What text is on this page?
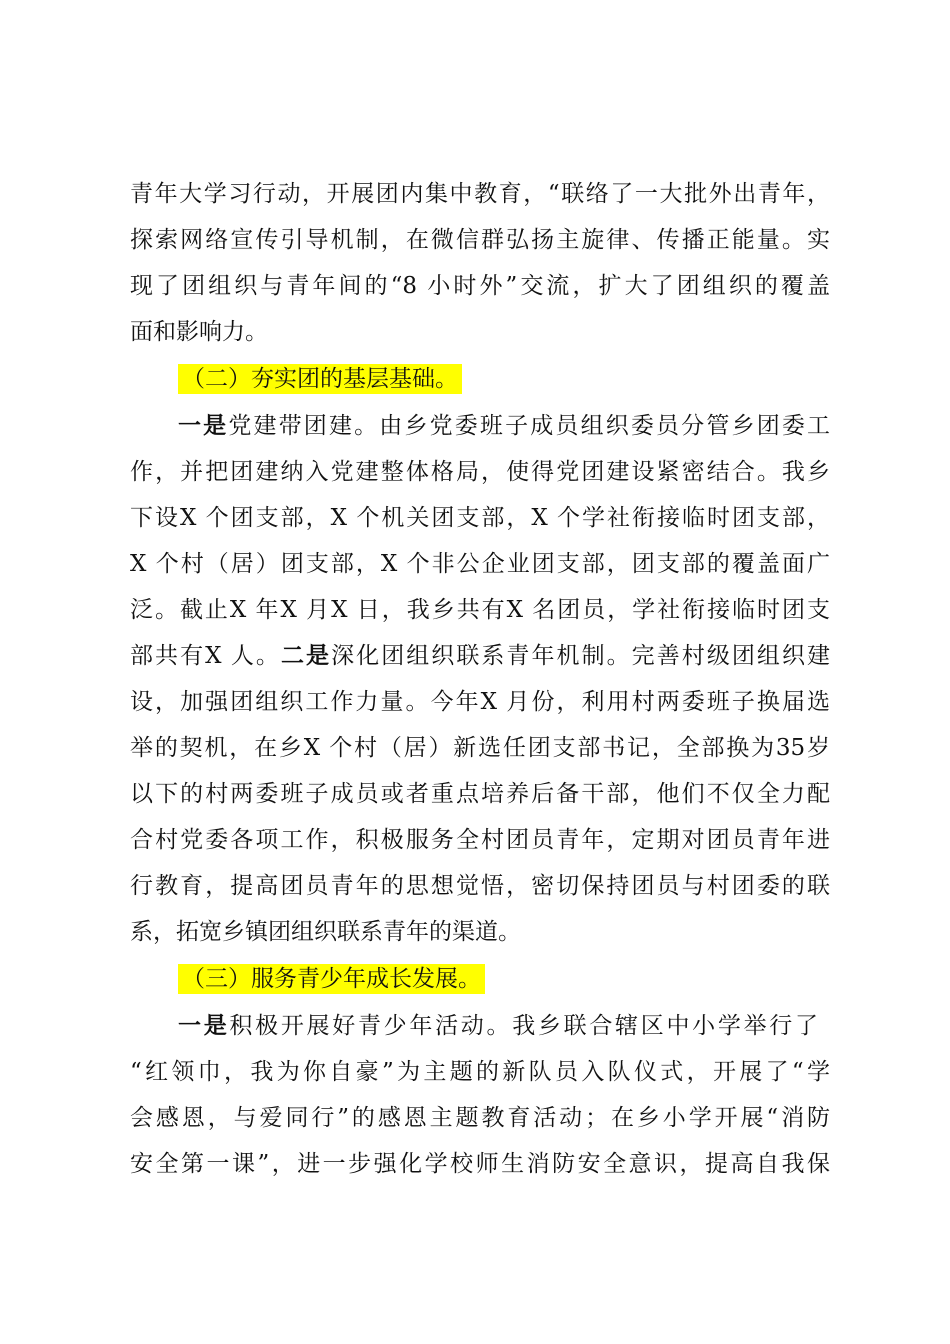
青年大学习行动，开展团内集中教育，“联络了一大批外出青年，
探索网络宣传引导机制，在微信群弘扬主旋律、传播正能量。实
现了团组织与青年间的“8 小时外”交流，扩大了团组织的覆盖
面和影响力。
（二）夯实团的基层基础。
一是党建带团建。由乡党委班子成员组织委员分管乡团委工
作，并把团建纳入党建整体格局，使得党团建设紧密结合。我乡
下设X 个团支部，X 个机关团支部，X 个学社衔接临时团支部，
X 个村（居）团支部，X 个非公企业团支部，团支部的覆盖面广
泛。截止X 年X 月X 日，我乡共有X 名团员，学社衔接临时团支
部共有X 人。二是深化团组织联系青年机制。完善村级团组织建
设，加强团组织工作力量。今年X 月份，利用村两委班子换届选
举的契机，在乡X 个村（居）新选任团支部书记，全部换为35岁
以下的村两委班子成员或者重点培养后备干部，他们不仅全力配
合村党委各项工作，积极服务全村团员青年，定期对团员青年进
行教育，提高团员青年的思想觉悟，密切保持团员与村团委的联
系，拓宽乡镇团组织联系青年的渠道。
（三）服务青少年成长发展。
一是积极开展好青少年活动。我乡联合辖区中小学举行了
“红领巾，我为你自豪”为主题的新队员入队仪式，开展了“学
会感恩，与爱同行”的感恩主题教育活动；在乡小学开展“消防
安全第一课”，进一步强化学校师生消防安全意识，提高自我保
